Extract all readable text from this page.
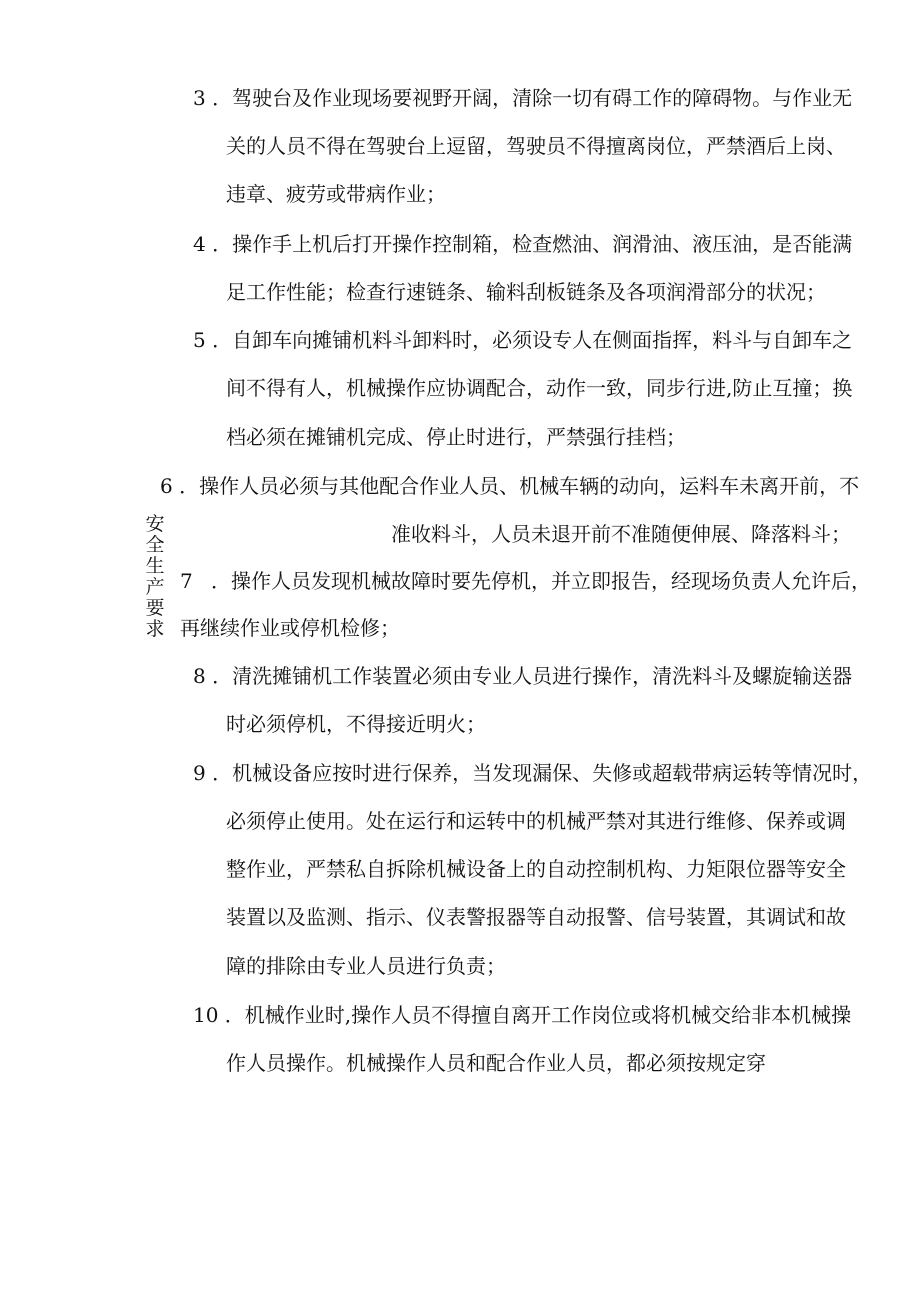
安
全
生
产
要
求
3 ．驾驶台及作业现场要视野开阔，清除一切有碍工作的障碍物。与作业无
关的人员不得在驾驶台上逗留，驾驶员不得擅离岗位，严禁酒后上岗、
违章、疲劳或带病作业；
4 ．操作手上机后打开操作控制箱，检查燃油、润滑油、液压油，是否能满
足工作性能；检查行速链条、输料刮板链条及各项润滑部分的状况；
5 ．自卸车向摊铺机料斗卸料时，必须设专人在侧面指挥，料斗与自卸车之
间不得有人，机械操作应协调配合，动作一致，同步行进,防止互撞；换
档必须在摊铺机完成、停止时进行，严禁强行挂档；
6 ．操作人员必须与其他配合作业人员、机械车辆的动向，运料车未离开前，不
准收料斗，人员未退开前不准随便伸展、降落料斗；
7 ．操作人员发现机械故障时要先停机，并立即报告，经现场负责人允许后，
再继续作业或停机检修；
8 ．清洗摊铺机工作装置必须由专业人员进行操作，清洗料斗及螺旋输送器
时必须停机，不得接近明火；
9 ．机械设备应按时进行保养，当发现漏保、失修或超载带病运转等情况时，
必须停止使用。处在运行和运转中的机械严禁对其进行维修、保养或调
整作业，严禁私自拆除机械设备上的自动控制机构、力矩限位器等安全
装置以及监测、指示、仪表警报器等自动报警、信号装置，其调试和故
障的排除由专业人员进行负责；
10 ．机械作业时,操作人员不得擅自离开工作岗位或将机械交给非本机械操
作人员操作。机械操作人员和配合作业人员，都必须按规定穿
